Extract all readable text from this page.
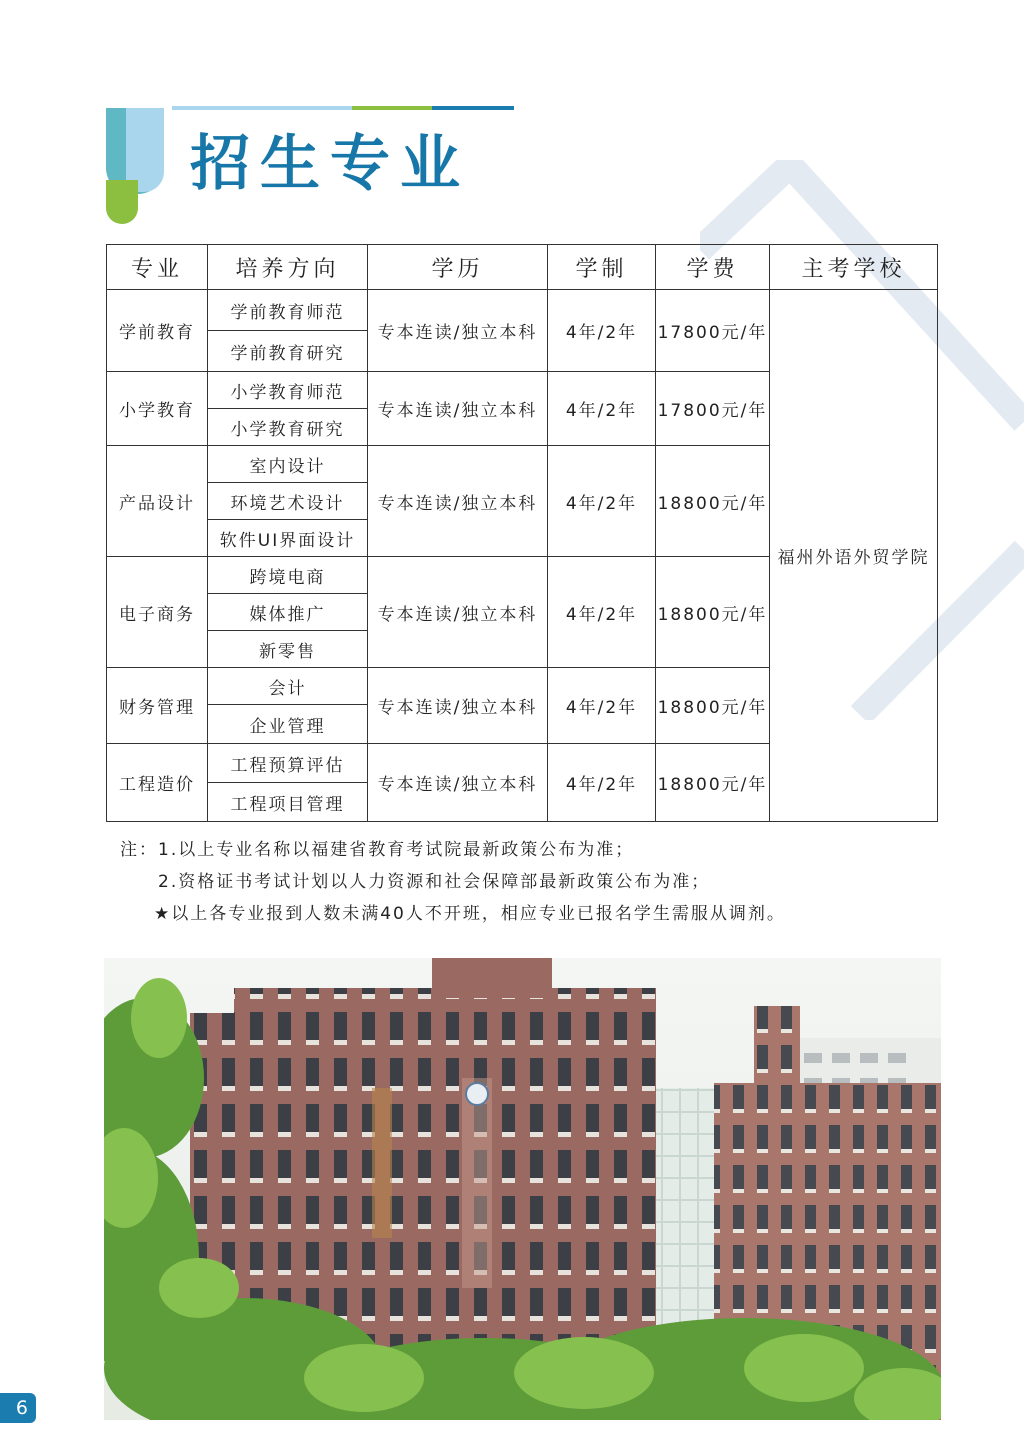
招生专业
专业	培养方向	学历	学制	学费	主考学校
学前教育	学前教育师范	专本连读/独立本科	4年/2年	17800元/年	福州外语外贸学院
	学前教育研究				
小学教育	小学教育师范	专本连读/独立本科	4年/2年	17800元/年	
	小学教育研究				
产品设计	室内设计	专本连读/独立本科	4年/2年	18800元/年	
	环境艺术设计				
	软件UI界面设计				
电子商务	跨境电商	专本连读/独立本科	4年/2年	18800元/年	
	媒体推广				
	新零售				
财务管理	会计	专本连读/独立本科	4年/2年	18800元/年	
	企业管理				
工程造价	工程预算评估	专本连读/独立本科	4年/2年	18800元/年	
	工程项目管理				
注：1.以上专业名称以福建省教育考试院最新政策公布为准；
2.资格证书考试计划以人力资源和社会保障部最新政策公布为准；
★以上各专业报到人数未满40人不开班，相应专业已报名学生需服从调剂。
6
